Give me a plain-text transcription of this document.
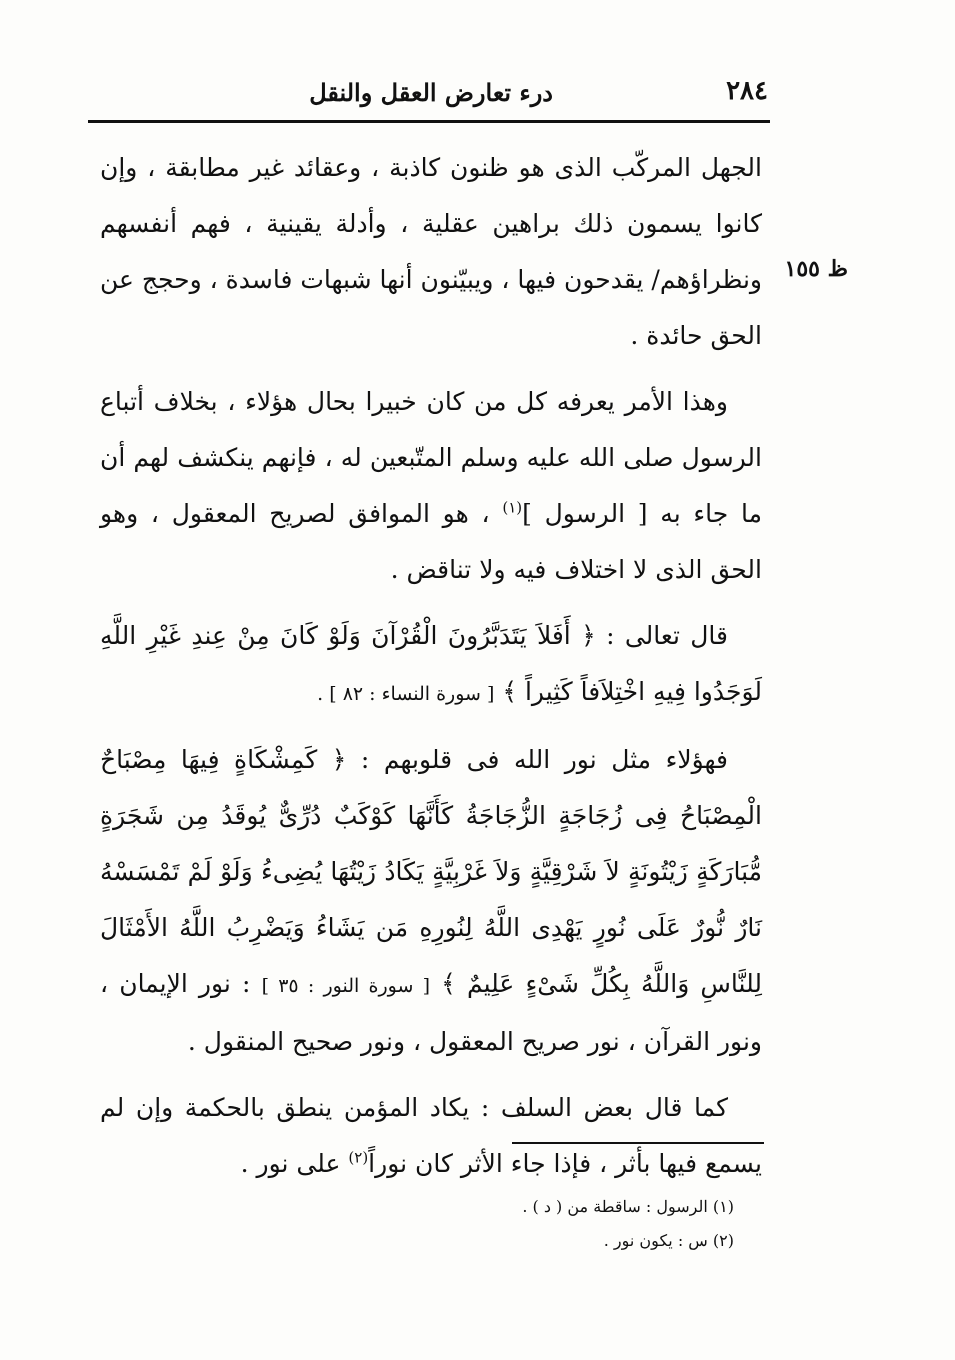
٢٨٤
درء تعارض العقل والنقل
ظ ١٥٥

الجهل المركّب الذى هو ظنون كاذبة ، وعقائد غير مطابقة ، وإن كانوا يسمون ذلك براهين عقلية ، وأدلة يقينية ، فهم أنفسهم ونظراؤهم/ يقدحون فيها ، ويبيّنون أنها شبهات فاسدة ، وحجج عن الحق حائدة .

وهذا الأمر يعرفه كل من كان خبيرا بحال هؤلاء ، بخلاف أتباع الرسول صلى الله عليه وسلم المتّبعين له ، فإنهم ينكشف لهم أن ما جاء به [ الرسول ]$^{(١)}$ ، هو الموافق لصريح المعقول ، وهو الحق الذى لا اختلاف فيه ولا تناقض .

قال تعالى : ﴿ أَفَلاَ يَتَدَبَّرُونَ الْقُرْآنَ وَلَوْ كَانَ مِنْ عِندِ غَيْرِ اللَّهِ لَوَجَدُوا فِيهِ اخْتِلاَفاً كَثِيراً ﴾ [ سورة النساء : ٨٢ ] .

فهؤلاء مثل نور الله فى قلوبهم : ﴿ كَمِشْكَاةٍ فِيهَا مِصْبَاحٌ الْمِصْبَاحُ فِى زُجَاجَةٍ الزُّجَاجَةُ كَأَنَّهَا كَوْكَبٌ دُرِّىٌّ يُوقَدُ مِن شَجَرَةٍ مُّبَارَكَةٍ زَيْتُونَةٍ لاَ شَرْقِيَّةٍ وَلاَ غَرْبِيَّةٍ يَكَادُ زَيْتُهَا يُضِىءُ وَلَوْ لَمْ تَمْسَسْهُ نَارٌ نُّورٌ عَلَى نُورٍ يَهْدِى اللَّهُ لِنُورِهِ مَن يَشَاءُ وَيَضْرِبُ اللَّهُ الأَمْثَالَ لِلنَّاسِ وَاللَّهُ بِكُلِّ شَىْءٍ عَلِيمٌ ﴾ [ سورة النور : ٣٥ ] : نور الإيمان ، ونور القرآن ، نور صريح المعقول ، ونور صحيح المنقول .

كما قال بعض السلف : يكاد المؤمن ينطق بالحكمة وإن لم يسمع فيها بأثر ، فإذا جاء الأثر كان نوراً$^{(٢)}$ على نور .

(١) الرسول : ساقطة من ( د ) .

(٢) س : يكون نور .
